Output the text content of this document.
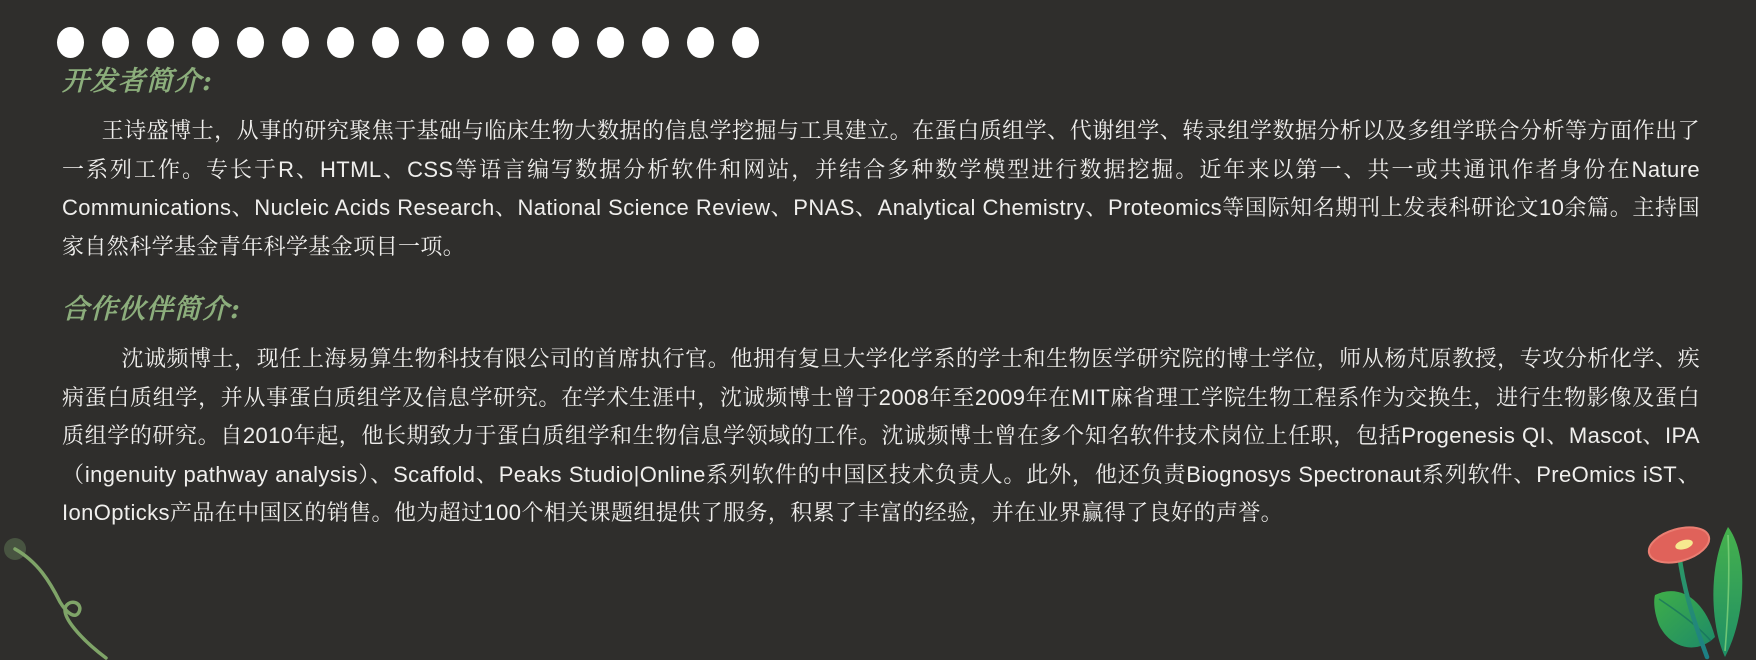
开发者简介:

王诗盛博士，从事的研究聚焦于基础与临床生物大数据的信息学挖掘与工具建立。在蛋白质组学、代谢组学、转录组学数据分析以及多组学联合分析等方面作出了一系列工作。专长于R、HTML、CSS等语言编写数据分析软件和网站，并结合多种数学模型进行数据挖掘。近年来以第一、共一或共通讯作者身份在Nature Communications、Nucleic Acids Research、National Science Review、PNAS、Analytical Chemistry、Proteomics等国际知名期刊上发表科研论文10余篇。主持国家自然科学基金青年科学基金项目一项。

合作伙伴简介:

沈诚频博士，现任上海易算生物科技有限公司的首席执行官。他拥有复旦大学化学系的学士和生物医学研究院的博士学位，师从杨芃原教授，专攻分析化学、疾病蛋白质组学，并从事蛋白质组学及信息学研究。在学术生涯中，沈诚频博士曾于2008年至2009年在MIT麻省理工学院生物工程系作为交换生，进行生物影像及蛋白质组学的研究。自2010年起，他长期致力于蛋白质组学和生物信息学领域的工作。沈诚频博士曾在多个知名软件技术岗位上任职，包括Progenesis QI、Mascot、IPA（ingenuity pathway analysis）、Scaffold、Peaks Studio|Online系列软件的中国区技术负责人。此外，他还负责Biognosys Spectronaut系列软件、PreOmics iST、IonOpticks产品在中国区的销售。他为超过100个相关课题组提供了服务，积累了丰富的经验，并在业界赢得了良好的声誉。
